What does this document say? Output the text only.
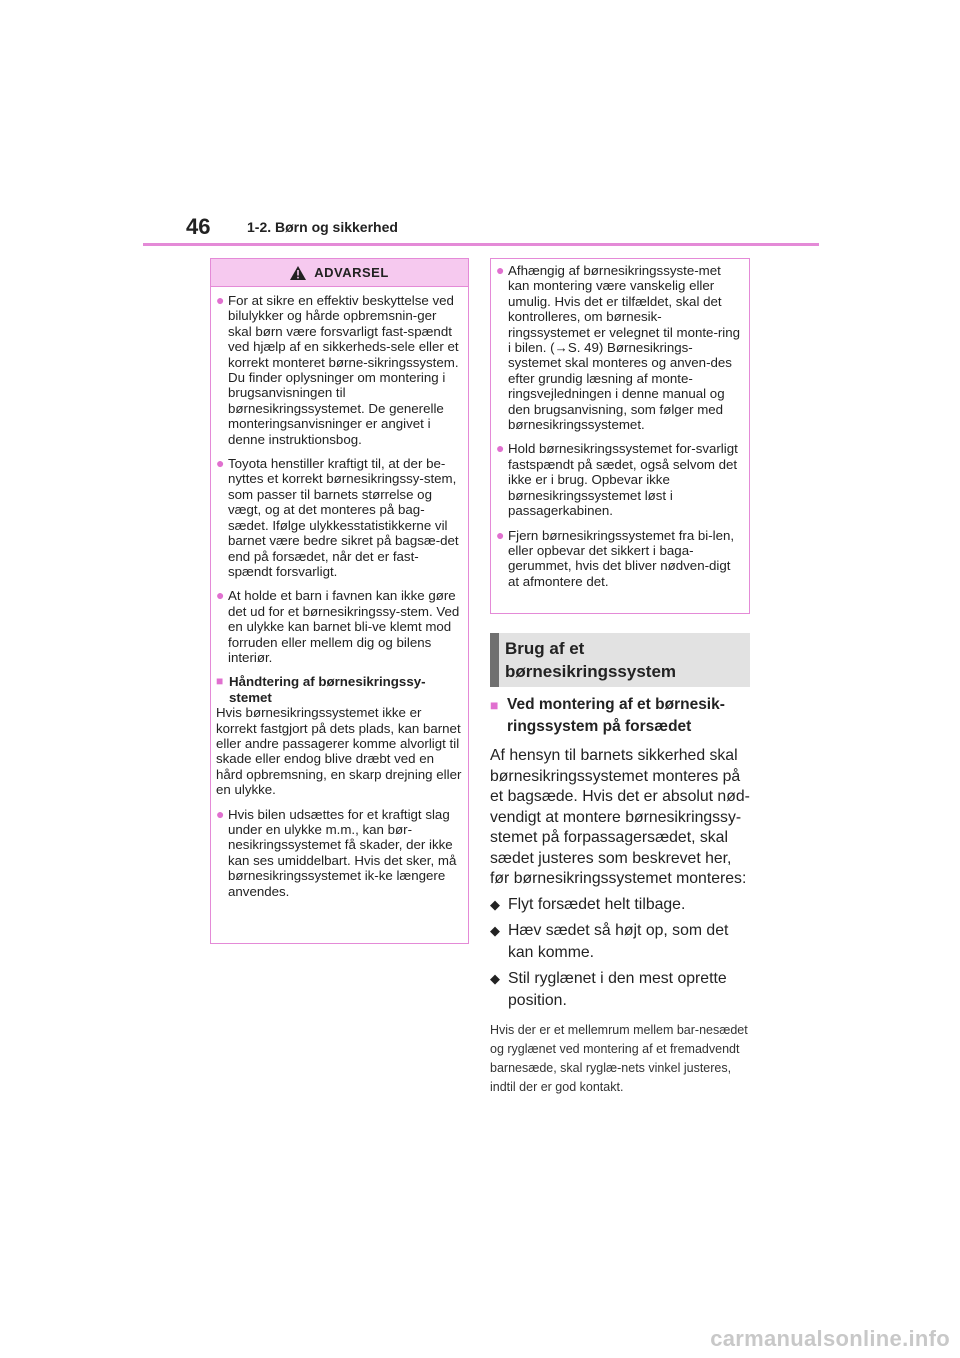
46	1-2. Børn og sikkerhed
ADVARSEL
● For at sikre en effektiv beskyttelse ved bilulykker og hårde opbremsnin-ger skal børn være forsvarligt fast-spændt ved hjælp af en sikkerheds-sele eller et korrekt monteret børne-sikringssystem. Du finder oplysninger om montering i brugsanvisningen til børnesikringssystemet. De generelle monteringsanvisninger er angivet i denne instruktionsbog.
● Toyota henstiller kraftigt til, at der be-nyttes et korrekt børnesikringssy-stem, som passer til barnets størrelse og vægt, og at det monteres på bag-sædet. Ifølge ulykkesstatistikkerne vil barnet være bedre sikret på bagsæ-det end på forsædet, når det er fast-spændt forsvarligt.
● At holde et barn i favnen kan ikke gøre det ud for et børnesikringssy-stem. Ved en ulykke kan barnet bli-ve klemt mod forruden eller mellem dig og bilens interiør.
■ Håndtering af børnesikringssy-stemet
Hvis børnesikringssystemet ikke er korrekt fastgjort på dets plads, kan barnet eller andre passagerer komme alvorligt til skade eller endog blive dræbt ved en hård opbremsning, en skarp drejning eller en ulykke.
● Hvis bilen udsættes for et kraftigt slag under en ulykke m.m., kan bør-nesikringssystemet få skader, der ikke kan ses umiddelbart. Hvis det sker, må børnesikringssystemet ik-ke længere anvendes.
● Afhængig af børnesikringssyste-met kan montering være vanskelig eller umulig. Hvis det er tilfældet, skal det kontrolleres, om børnesik-ringssystemet er velegnet til monte-ring i bilen. (→S. 49) Børnesikrings-systemet skal monteres og anven-des efter grundig læsning af monte-ringsvejledningen i denne manual og den brugsanvisning, som følger med børnesikringssystemet.
● Hold børnesikringssystemet for-svarligt fastspændt på sædet, også selvom det ikke er i brug. Opbevar ikke børnesikringssystemet løst i passagerkabinen.
● Fjern børnesikringssystemet fra bi-len, eller opbevar det sikkert i baga-gerummet, hvis det bliver nødven-digt at afmontere det.
Brug af et børnesikringssystem
■ Ved montering af et børnesik-ringssystem på forsædet
Af hensyn til barnets sikkerhed skal børnesikringssystemet monteres på et bagsæde. Hvis det er absolut nød-vendigt at montere børnesikringssy-stemet på forpassagersædet, skal sædet justeres som beskrevet her, før børnesikringssystemet monteres:
◆ Flyt forsædet helt tilbage.
◆ Hæv sædet så højt op, som det kan komme.
◆ Stil ryglænet i den mest oprette position.
Hvis der er et mellemrum mellem bar-nesædet og ryglænet ved montering af et fremadvendt barnesæde, skal ryglæ-nets vinkel justeres, indtil der er god kontakt.
carmanualsonline.info
